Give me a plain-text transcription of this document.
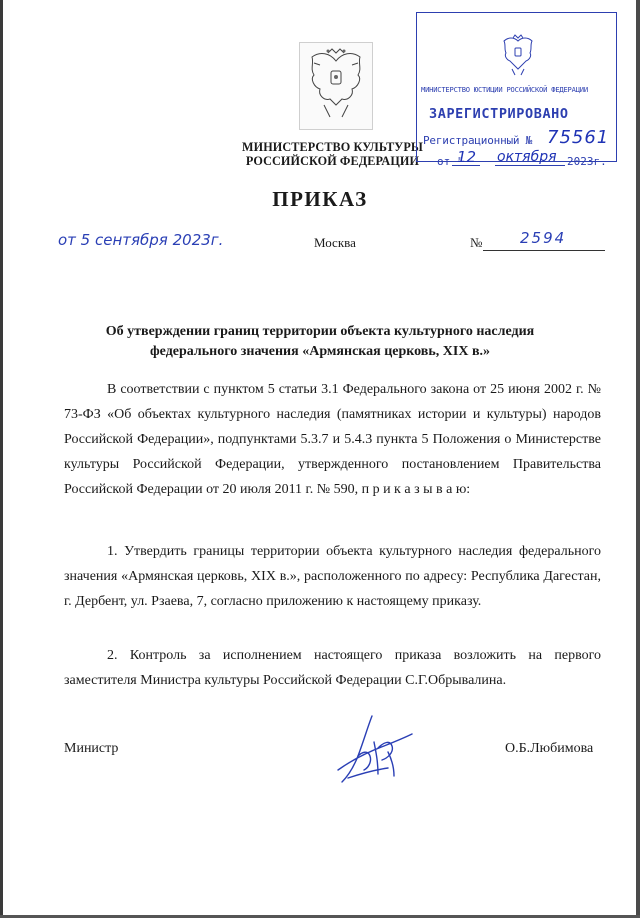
МИНИСТЕРСТВО КУЛЬТУРЫ
РОССИЙСКОЙ ФЕДЕРАЦИИ
МИНИСТЕРСТВО ЮСТИЦИИ РОССИЙСКОЙ ФЕДЕРАЦИИ
ЗАРЕГИСТРИРОВАНО
Регистрационный № 75561
от "
12 октября 2023г.
ПРИКАЗ
от 5 сентября 2023г.	Москва	№	2594
Об утверждении границ территории объекта культурного наследия
федерального значения «Армянская церковь, XIX в.»
В соответствии с пунктом 5 статьи 3.1 Федерального закона от 25 июня 2002 г. № 73-ФЗ «Об объектах культурного наследия (памятниках истории и культуры) народов Российской Федерации», подпунктами 5.3.7 и 5.4.3 пункта 5 Положения о Министерстве культуры Российской Федерации, утвержденного постановлением Правительства Российской Федерации от 20 июля 2011 г. № 590, п р и к а з ы в а ю:
1. Утвердить границы территории объекта культурного наследия федерального значения «Армянская церковь, XIX в.», расположенного по адресу: Республика Дагестан, г. Дербент, ул. Рзаева, 7, согласно приложению к настоящему приказу.
2. Контроль за исполнением настоящего приказа возложить на первого заместителя Министра культуры Российской Федерации С.Г.Обрывалина.
Министр	О.Б.Любимова
